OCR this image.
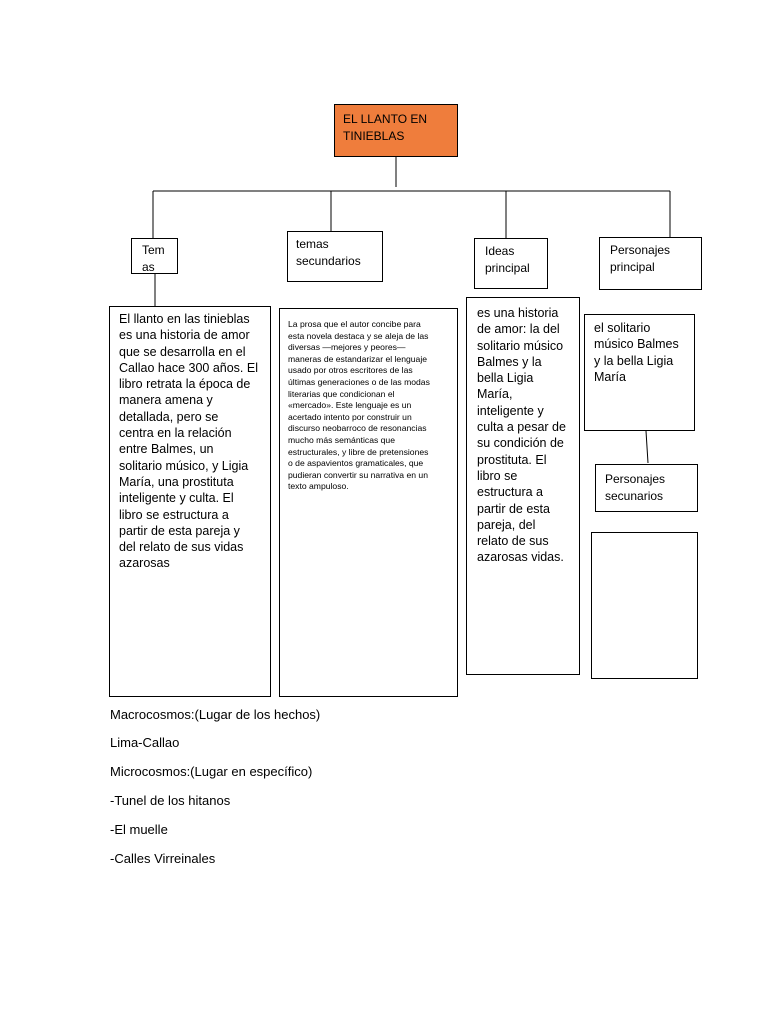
EL LLANTO EN
TINIEBLAS

Tem
as

El llanto en las tinieblas
es una historia de amor
que se desarrolla en el
Callao hace 300 años. El
libro retrata la época de
manera amena y
detallada, pero se
centra en la relación
entre Balmes, un
solitario músico, y Ligia
María, una prostituta
inteligente y culta. El
libro se estructura a
partir de esta pareja y
del relato de sus vidas
azarosas

temas
secundarios

La prosa que el autor concibe para
esta novela destaca y se aleja de las
diversas —mejores y peores—
maneras de estandarizar el lenguaje
usado por otros escritores de las
últimas generaciones o de las modas
literarias que condicionan el
«mercado». Este lenguaje es un
acertado intento por construir un
discurso neobarroco de resonancias
mucho más semánticas que
estructurales, y libre de pretensiones
o de aspavientos gramaticales, que
pudieran convertir su narrativa en un
texto ampuloso.

Ideas
principal

es una historia
de amor: la del
solitario músico
Balmes y la
bella Ligia
María,
inteligente y
culta a pesar de
su condición de
prostituta. El
libro se
estructura a
partir de esta
pareja, del
relato de sus
azarosas vidas.

Personajes
principal

el solitario
músico Balmes
y la bella Ligia
María

Personajes
secunarios

Macrocosmos:(Lugar de los hechos)
Lima-Callao
Microcosmos:(Lugar en específico)
-Tunel de los hitanos
-El muelle
-Calles Virreinales
